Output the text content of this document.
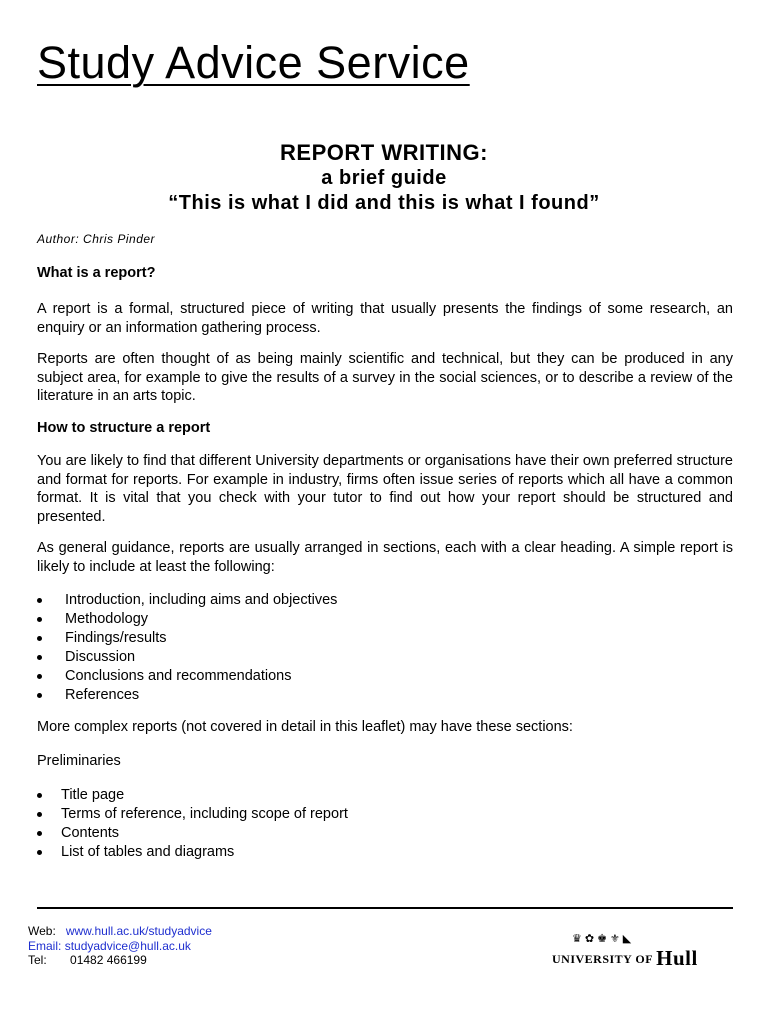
Study Advice Service
REPORT WRITING:
a brief guide
“This is what I did and this is what I found”
Author: Chris Pinder

What is a report?

A report is a formal, structured piece of writing that usually presents the findings of some research, an enquiry or an information gathering process.

Reports are often thought of as being mainly scientific and technical, but they can be produced in any subject area, for example to give the results of a survey in the social sciences, or to describe a review of the literature in an arts topic.

How to structure a report

You are likely to find that different University departments or organisations have their own preferred structure and format for reports. For example in industry, firms often issue series of reports which all have a common format. It is vital that you check with your tutor to find out how your report should be structured and presented.

As general guidance, reports are usually arranged in sections, each with a clear heading. A simple report is likely to include at least the following:

Introduction, including aims and objectives
Methodology
Findings/results
Discussion
Conclusions and recommendations
References

More complex reports (not covered in detail in this leaflet) may have these sections:

Preliminaries

Title page
Terms of reference, including scope of report
Contents
List of tables and diagrams
Web: www.hull.ac.uk/studyadvice
Email: studyadvice@hull.ac.uk
Tel: 01482 466199
♛✿♚⚜◣
UNIVERSITY OF Hull
